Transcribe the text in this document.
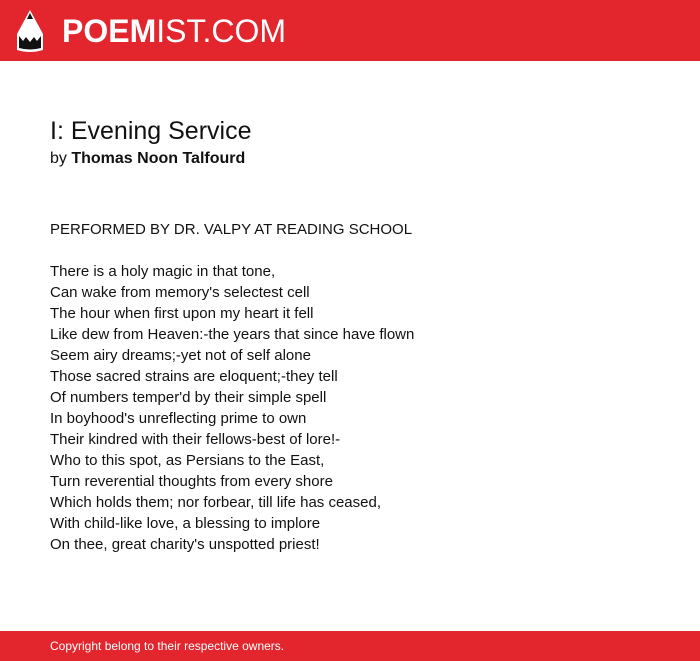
POEMIST.COM
I: Evening Service
by Thomas Noon Talfourd
PERFORMED BY DR. VALPY AT READING SCHOOL
There is a holy magic in that tone,
Can wake from memory's selectest cell
The hour when first upon my heart it fell
Like dew from Heaven:-the years that since have flown
Seem airy dreams;-yet not of self alone
Those sacred strains are eloquent;-they tell
Of numbers temper'd by their simple spell
In boyhood's unreflecting prime to own
Their kindred with their fellows-best of lore!-
Who to this spot, as Persians to the East,
Turn reverential thoughts from every shore
Which holds them; nor forbear, till life has ceased,
With child-like love, a blessing to implore
On thee, great charity's unspotted priest!
Copyright belong to their respective owners.
